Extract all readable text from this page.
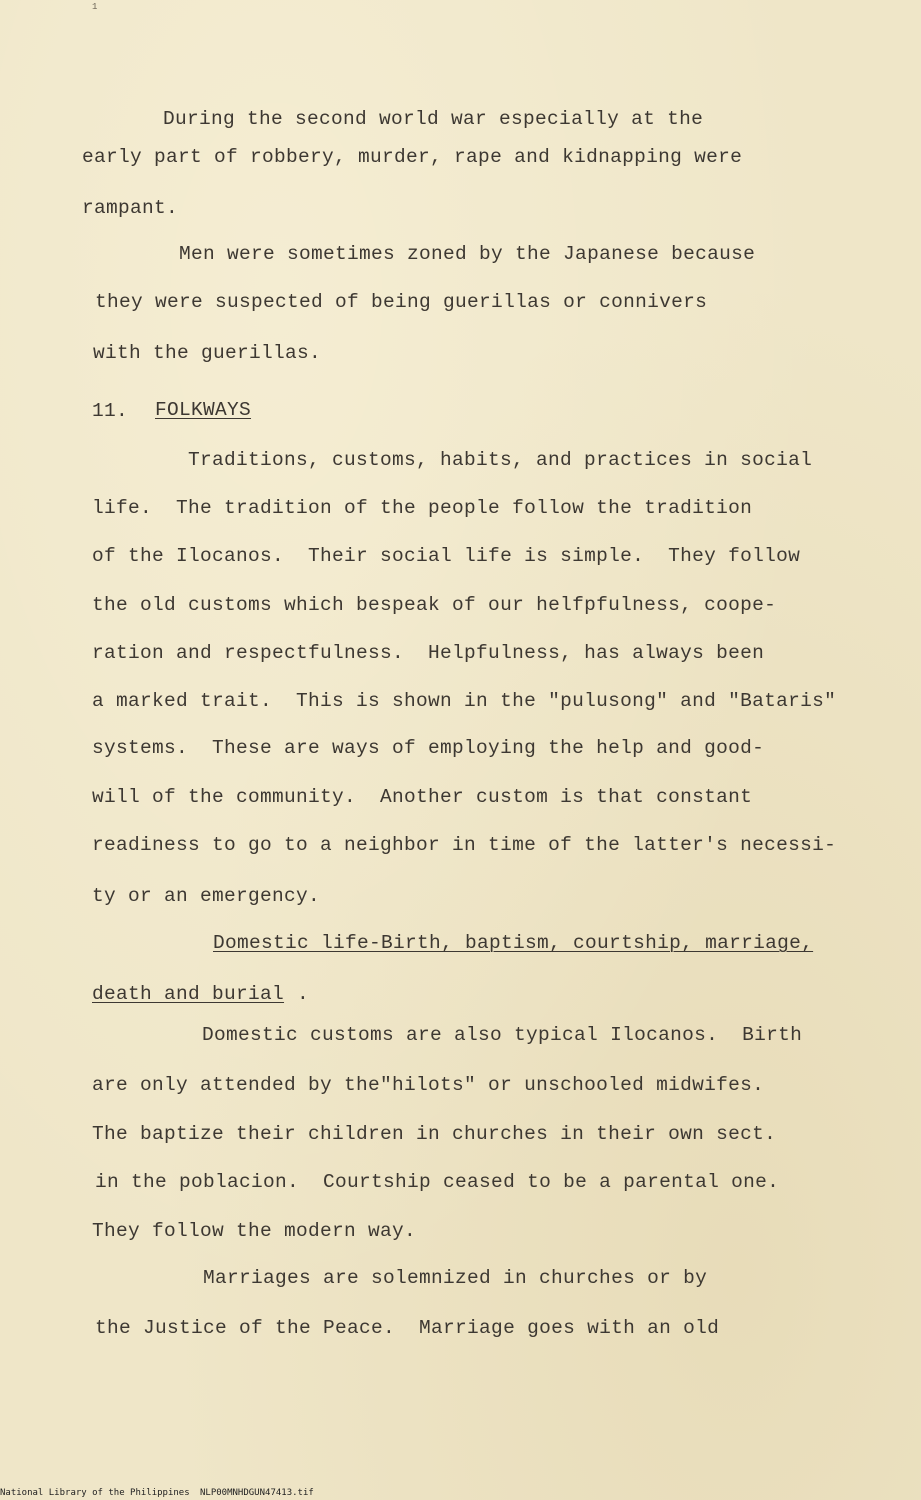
1
During the second world war especially at the
early part of robbery, murder, rape and kidnapping were
rampant.
Men were sometimes zoned by the Japanese because
they were suspected of being guerillas or connivers
with the guerillas.
11. FOLKWAYS
Traditions, customs, habits, and practices in social
life.  The tradition of the people follow the tradition
of the Ilocanos.  Their social life is simple.  They follow
the old customs which bespeak of our helfpfulness, coope-
ration and respectfulness.  Helpfulness, has always been
a marked trait.  This is shown in the "pulusong" and "Bataris"
systems.  These are ways of employing the help and good-
will of the community.  Another custom is that constant
readiness to go to a neighbor in time of the latter's necessi-
ty or an emergency.
Domestic life-Birth, baptism, courtship, marriage,
death and burial .
Domestic customs are also typical Ilocanos.  Birth
are only attended by the"hilots" or unschooled midwifes.
The baptize their children in churches in their own sect.
in the poblacion.  Courtship ceased to be a parental one.
They follow the modern way.
Marriages are solemnized in churches or by
the Justice of the Peace.  Marriage goes with an old
National Library of the Philippines NLP00MNHDGUN47413.tif
